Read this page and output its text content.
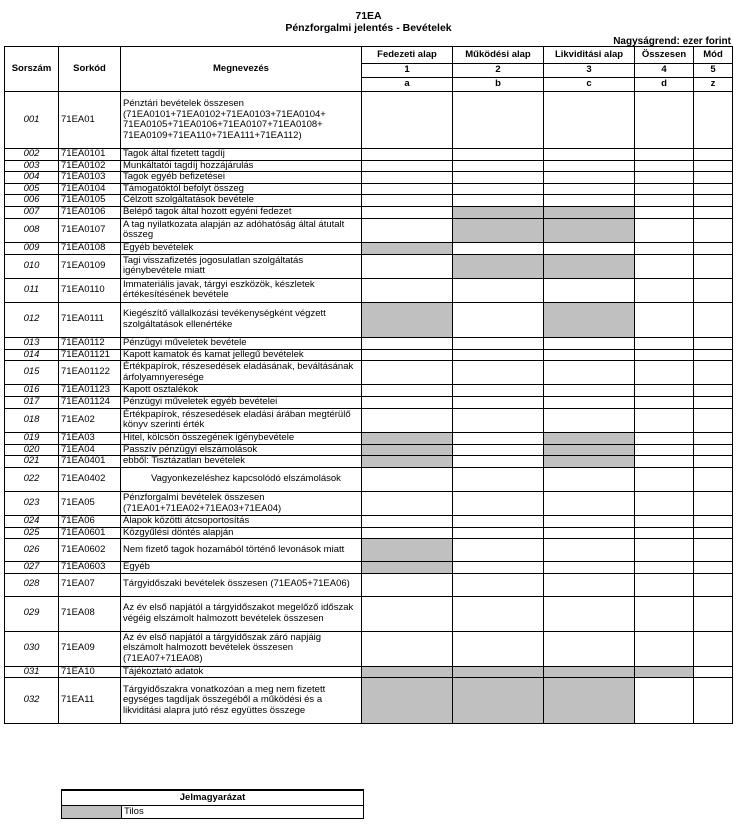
71EA
Pénzforgalmi jelentés - Bevételek
Nagyságrend: ezer forint
Sorszám	Sorkód	Megnevezés	Fedezeti alap	Működési alap	Likviditási alap	Összesen	Mód
			1	2	3	4	5
			a	b	c	d	z
001	71EA01	Pénztári bevételek összesen (71EA0101+71EA0102+71EA0103+71EA0104+ 71EA0105+71EA0106+71EA0107+71EA0108+ 71EA0109+71EA110+71EA111+71EA112)					
002	71EA0101	Tagok által fizetett tagdíj					
003	71EA0102	Munkáltatói tagdíj hozzájárulás					
004	71EA0103	Tagok egyéb befizetései					
005	71EA0104	Támogatóktól befolyt összeg					
006	71EA0105	Célzott szolgáltatások bevétele					
007	71EA0106	Belépő tagok által hozott egyéni fedezet					
008	71EA0107	A tag nyilatkozata alapján az adóhatóság által átutalt összeg					
009	71EA0108	Egyéb bevételek					
010	71EA0109	Tagi visszafizetés jogosulatlan szolgáltatás igénybevétele miatt					
011	71EA0110	Immateriális javak, tárgyi eszközök, készletek értékesítésének bevétele					
012	71EA0111	Kiegészítő vállalkozási tevékenységként végzett szolgáltatások ellenértéke					
013	71EA0112	Pénzügyi műveletek bevétele					
014	71EA01121	Kapott kamatok és kamat jellegű bevételek					
015	71EA01122	Értékpapírok, részesedések eladásának, beváltásának árfolyamnyeresége					
016	71EA01123	Kapott osztalékok					
017	71EA01124	Pénzügyi műveletek egyéb bevételei					
018	71EA02	Értékpapírok, részesedések eladási árában megtérülő könyv szerinti érték					
019	71EA03	Hitel, kölcsön összegének igénybevétele					
020	71EA04	Passzív pénzügyi elszámolások					
021	71EA0401	ebből: Tisztázatlan bevételek					
022	71EA0402	Vagyonkezeléshez kapcsolódó elszámolások					
023	71EA05	Pénzforgalmi bevételek összesen (71EA01+71EA02+71EA03+71EA04)					
024	71EA06	Alapok közötti átcsoportosítás					
025	71EA0601	Közgyűlési döntés alapján					
026	71EA0602	Nem fizető tagok hozamából történő levonások miatt					
027	71EA0603	Egyéb					
028	71EA07	Tárgyidőszaki bevételek összesen (71EA05+71EA06)					
029	71EA08	Az év első napjától a tárgyidőszakot megelőző időszak végéig elszámolt halmozott bevételek összesen					
030	71EA09	Az év első napjától a tárgyidőszak záró napjáig elszámolt halmozott bevételek összesen (71EA07+71EA08)					
031	71EA10	Tájékoztató adatok					
032	71EA11	Tárgyidőszakra vonatkozóan a meg nem fizetett egységes tagdíjak összegéből a működési és a likviditási alapra jutó rész együttes összege					
Jelmagyarázat
	Tilos
